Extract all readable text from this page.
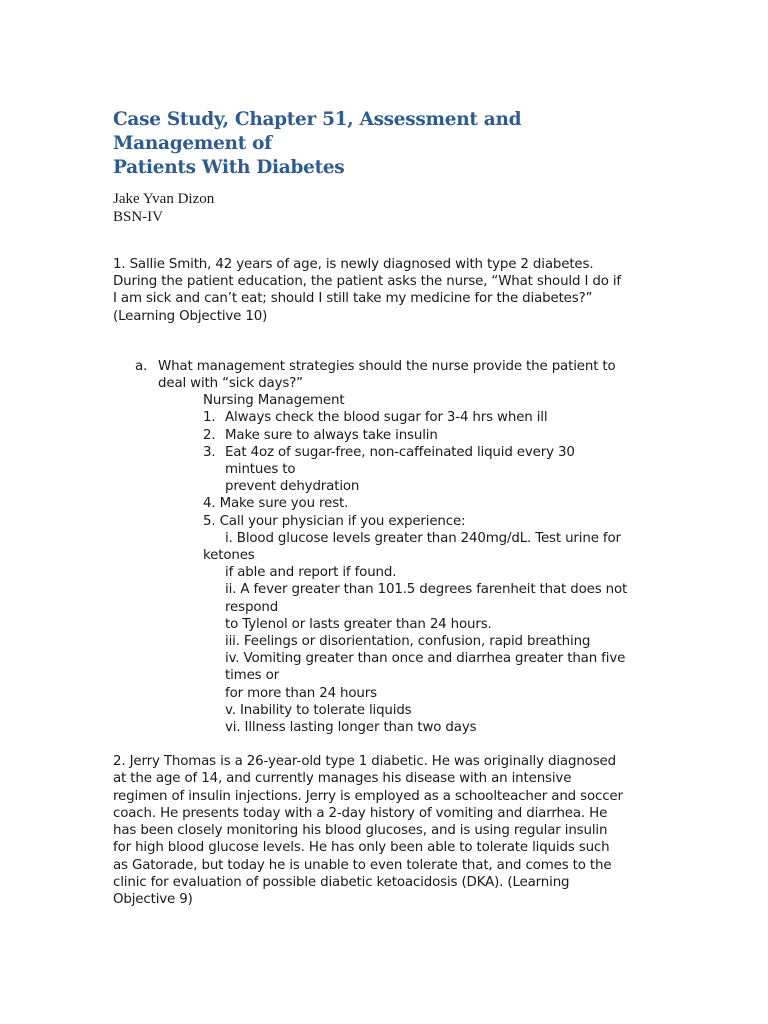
Case Study, Chapter 51, Assessment and Management of
Patients With Diabetes
Jake Yvan Dizon
BSN-IV
1. Sallie Smith, 42 years of age, is newly diagnosed with type 2 diabetes.
During the patient education, the patient asks the nurse, “What should I do if
I am sick and can’t eat; should I still take my medicine for the diabetes?”
(Learning Objective 10)
a. What management strategies should the nurse provide the patient to
deal with “sick days?”
Nursing Management
1. Always check the blood sugar for 3-4 hrs when ill
2. Make sure to always take insulin
3. Eat 4oz of sugar-free, non-caffeinated liquid every 30
mintues to
prevent dehydration
4. Make sure you rest.
5. Call your physician if you experience:
i. Blood glucose levels greater than 240mg/dL. Test urine for
ketones
if able and report if found.
ii. A fever greater than 101.5 degrees farenheit that does not
respond
to Tylenol or lasts greater than 24 hours.
iii. Feelings or disorientation, confusion, rapid breathing
iv. Vomiting greater than once and diarrhea greater than five
times or
for more than 24 hours
v. Inability to tolerate liquids
vi. Illness lasting longer than two days
2. Jerry Thomas is a 26-year-old type 1 diabetic. He was originally diagnosed
at the age of 14, and currently manages his disease with an intensive
regimen of insulin injections. Jerry is employed as a schoolteacher and soccer
coach. He presents today with a 2-day history of vomiting and diarrhea. He
has been closely monitoring his blood glucoses, and is using regular insulin
for high blood glucose levels. He has only been able to tolerate liquids such
as Gatorade, but today he is unable to even tolerate that, and comes to the
clinic for evaluation of possible diabetic ketoacidosis (DKA). (Learning
Objective 9)
